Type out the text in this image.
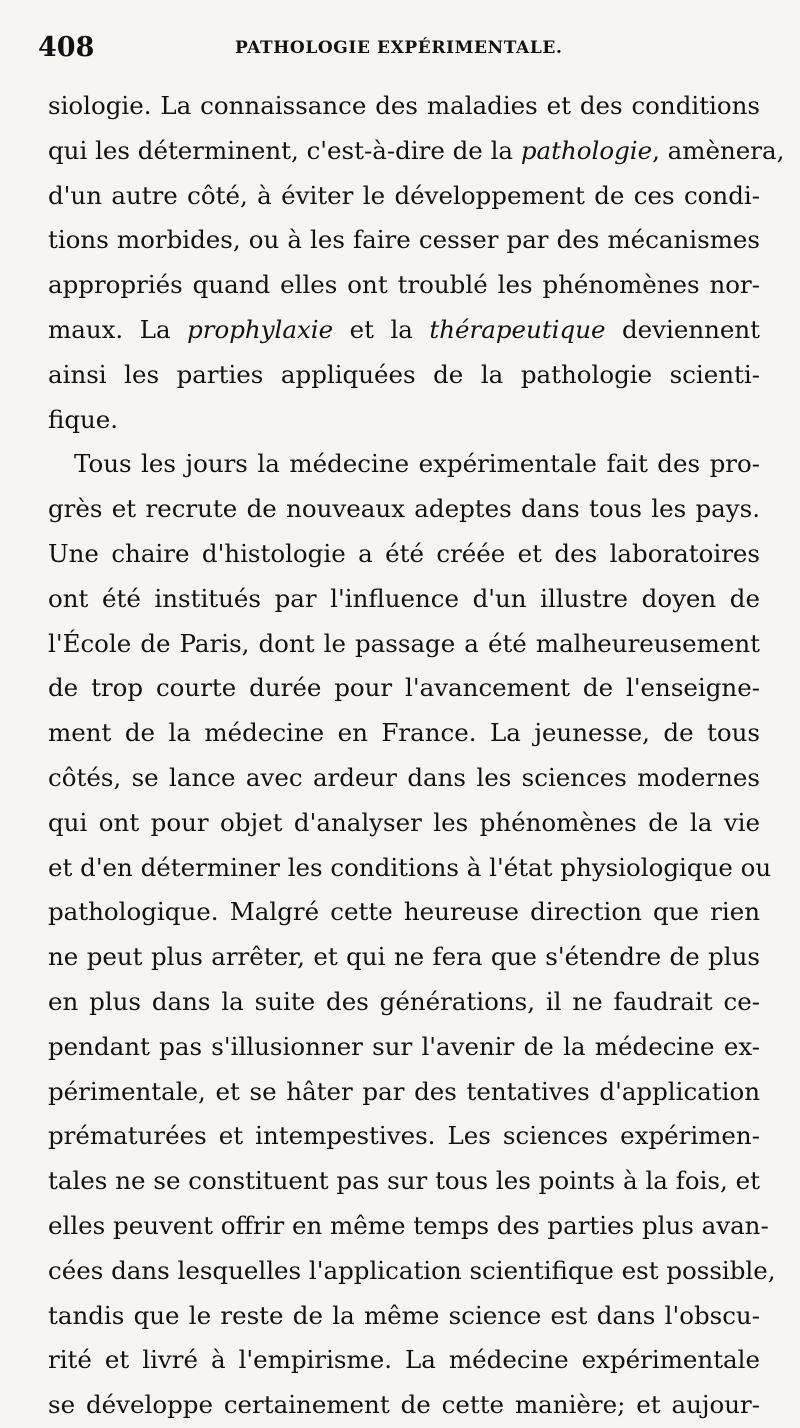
408	PATHOLOGIE EXPÉRIMENTALE.
siologie. La connaissance des maladies et des conditions
qui les déterminent, c'est-à-dire de la pathologie, amènera,
d'un autre côté, à éviter le développement de ces condi-
tions morbides, ou à les faire cesser par des mécanismes
appropriés quand elles ont troublé les phénomènes nor-
maux. La prophylaxie et la thérapeutique deviennent
ainsi les parties appliquées de la pathologie scienti-
fique.
Tous les jours la médecine expérimentale fait des pro-
grès et recrute de nouveaux adeptes dans tous les pays.
Une chaire d'histologie a été créée et des laboratoires
ont été institués par l'influence d'un illustre doyen de
l'École de Paris, dont le passage a été malheureusement
de trop courte durée pour l'avancement de l'enseigne-
ment de la médecine en France. La jeunesse, de tous
côtés, se lance avec ardeur dans les sciences modernes
qui ont pour objet d'analyser les phénomènes de la vie
et d'en déterminer les conditions à l'état physiologique ou
pathologique. Malgré cette heureuse direction que rien
ne peut plus arrêter, et qui ne fera que s'étendre de plus
en plus dans la suite des générations, il ne faudrait ce-
pendant pas s'illusionner sur l'avenir de la médecine ex-
périmentale, et se hâter par des tentatives d'application
prématurées et intempestives. Les sciences expérimen-
tales ne se constituent pas sur tous les points à la fois, et
elles peuvent offrir en même temps des parties plus avan-
cées dans lesquelles l'application scientifique est possible,
tandis que le reste de la même science est dans l'obscu-
rité et livré à l'empirisme. La médecine expérimentale
se développe certainement de cette manière; et aujour-
